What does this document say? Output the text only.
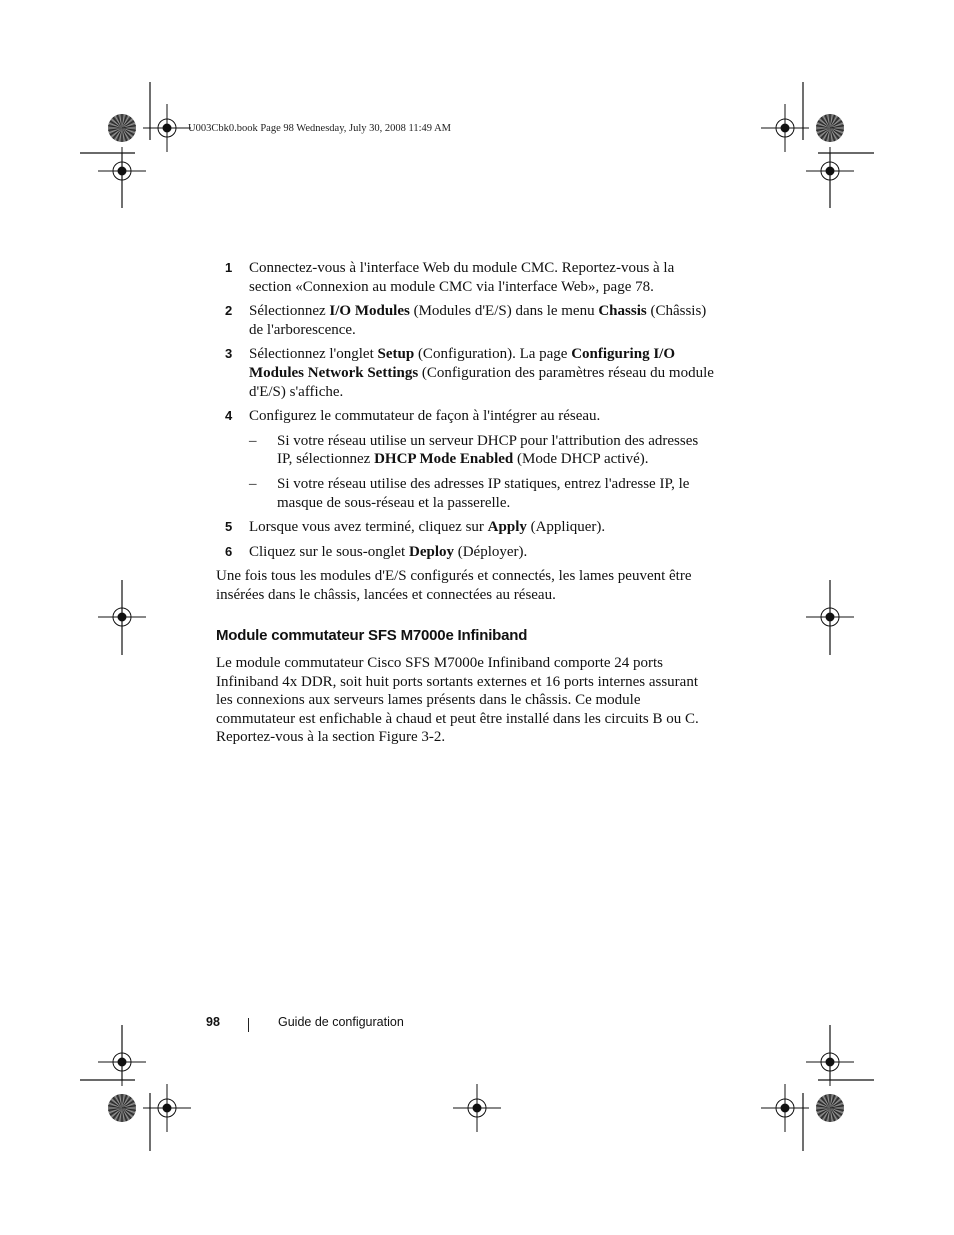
U003Cbk0.book Page 98 Wednesday, July 30, 2008 11:49 AM
1 Connectez-vous à l'interface Web du module CMC. Reportez-vous à la section «Connexion au module CMC via l'interface Web», page 78.
2 Sélectionnez I/O Modules (Modules d'E/S) dans le menu Chassis (Châssis) de l'arborescence.
3 Sélectionnez l'onglet Setup (Configuration). La page Configuring I/O Modules Network Settings (Configuration des paramètres réseau du module d'E/S) s'affiche.
4 Configurez le commutateur de façon à l'intégrer au réseau.
– Si votre réseau utilise un serveur DHCP pour l'attribution des adresses IP, sélectionnez DHCP Mode Enabled (Mode DHCP activé).
– Si votre réseau utilise des adresses IP statiques, entrez l'adresse IP, le masque de sous-réseau et la passerelle.
5 Lorsque vous avez terminé, cliquez sur Apply (Appliquer).
6 Cliquez sur le sous-onglet Deploy (Déployer).

Une fois tous les modules d'E/S configurés et connectés, les lames peuvent être insérées dans le châssis, lancées et connectées au réseau.

Module commutateur SFS M7000e Infiniband

Le module commutateur Cisco SFS M7000e Infiniband comporte 24 ports Infiniband 4x DDR, soit huit ports sortants externes et 16 ports internes assurant les connexions aux serveurs lames présents dans le châssis. Ce module commutateur est enfichable à chaud et peut être installé dans les circuits B ou C. Reportez-vous à la section Figure 3-2.

98	Guide de configuration
